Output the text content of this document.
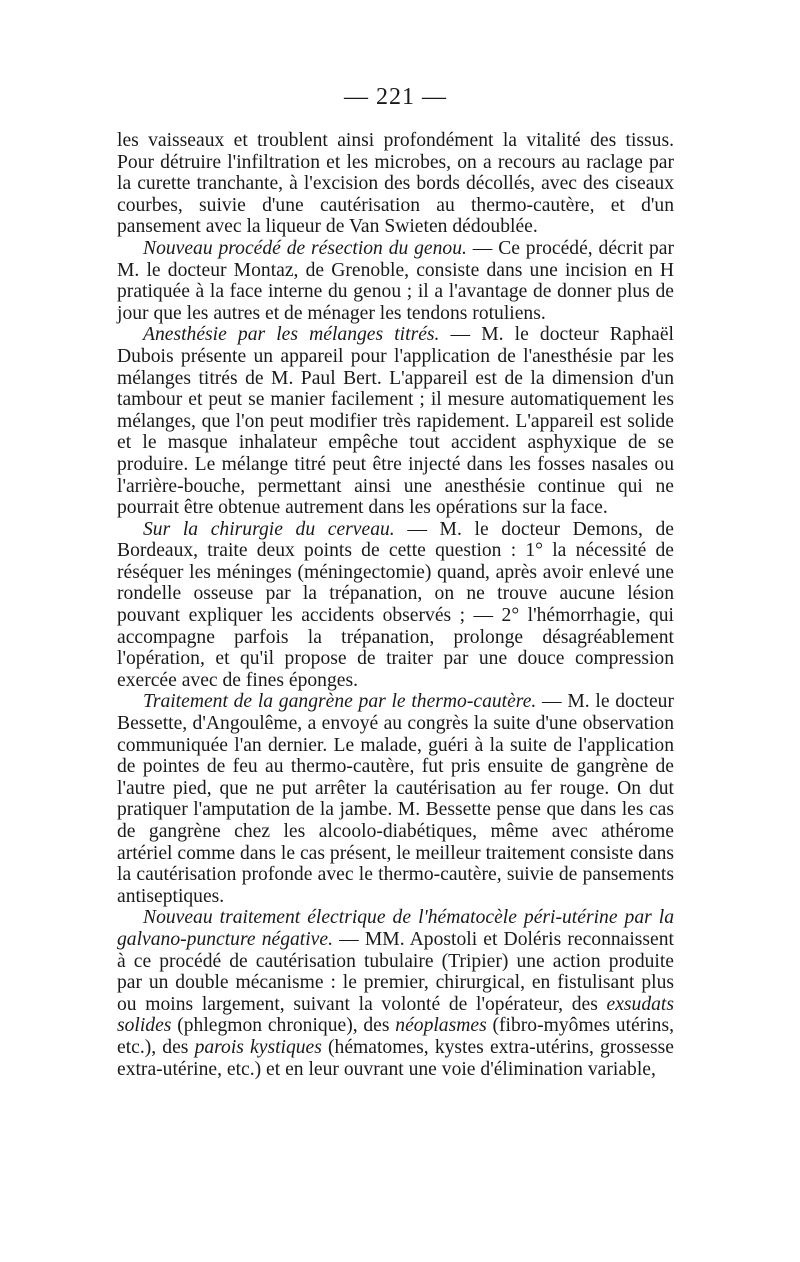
— 221 —

les vaisseaux et troublent ainsi profondément la vitalité des tissus. Pour détruire l'infiltration et les microbes, on a recours au raclage par la curette tranchante, à l'excision des bords décollés, avec des ciseaux courbes, suivie d'une cautérisation au thermo-cautère, et d'un pansement avec la liqueur de Van Swieten dédoublée.

Nouveau procédé de résection du genou. — Ce procédé, décrit par M. le docteur Montaz, de Grenoble, consiste dans une incision en H pratiquée à la face interne du genou ; il a l'avantage de donner plus de jour que les autres et de ménager les tendons rotuliens.

Anesthésie par les mélanges titrés. — M. le docteur Raphaël Dubois présente un appareil pour l'application de l'anesthésie par les mélanges titrés de M. Paul Bert. L'appareil est de la dimension d'un tambour et peut se manier facilement ; il mesure automatiquement les mélanges, que l'on peut modifier très rapidement. L'appareil est solide et le masque inhalateur empêche tout accident asphyxique de se produire. Le mélange titré peut être injecté dans les fosses nasales ou l'arrière-bouche, permettant ainsi une anesthésie continue qui ne pourrait être obtenue autrement dans les opérations sur la face.

Sur la chirurgie du cerveau. — M. le docteur Demons, de Bordeaux, traite deux points de cette question : 1° la nécessité de réséquer les méninges (méningectomie) quand, après avoir enlevé une rondelle osseuse par la trépanation, on ne trouve aucune lésion pouvant expliquer les accidents observés ; — 2° l'hémorrhagie, qui accompagne parfois la trépanation, prolonge désagréablement l'opération, et qu'il propose de traiter par une douce compression exercée avec de fines éponges.

Traitement de la gangrène par le thermo-cautère. — M. le docteur Bessette, d'Angoulême, a envoyé au congrès la suite d'une observation communiquée l'an dernier. Le malade, guéri à la suite de l'application de pointes de feu au thermo-cautère, fut pris ensuite de gangrène de l'autre pied, que ne put arrêter la cautérisation au fer rouge. On dut pratiquer l'amputation de la jambe. M. Bessette pense que dans les cas de gangrène chez les alcoolo-diabétiques, même avec athérome artériel comme dans le cas présent, le meilleur traitement consiste dans la cautérisation profonde avec le thermo-cautère, suivie de pansements antiseptiques.

Nouveau traitement électrique de l'hématocèle péri-utérine par la galvano-puncture négative. — MM. Apostoli et Doléris reconnaissent à ce procédé de cautérisation tubulaire (Tripier) une action produite par un double mécanisme : le premier, chirurgical, en fistulisant plus ou moins largement, suivant la volonté de l'opérateur, des exsudats solides (phlegmon chronique), des néoplasmes (fibro-myômes utérins, etc.), des parois kystiques (hématomes, kystes extra-utérins, grossesse extra-utérine, etc.) et en leur ouvrant une voie d'élimination variable,
